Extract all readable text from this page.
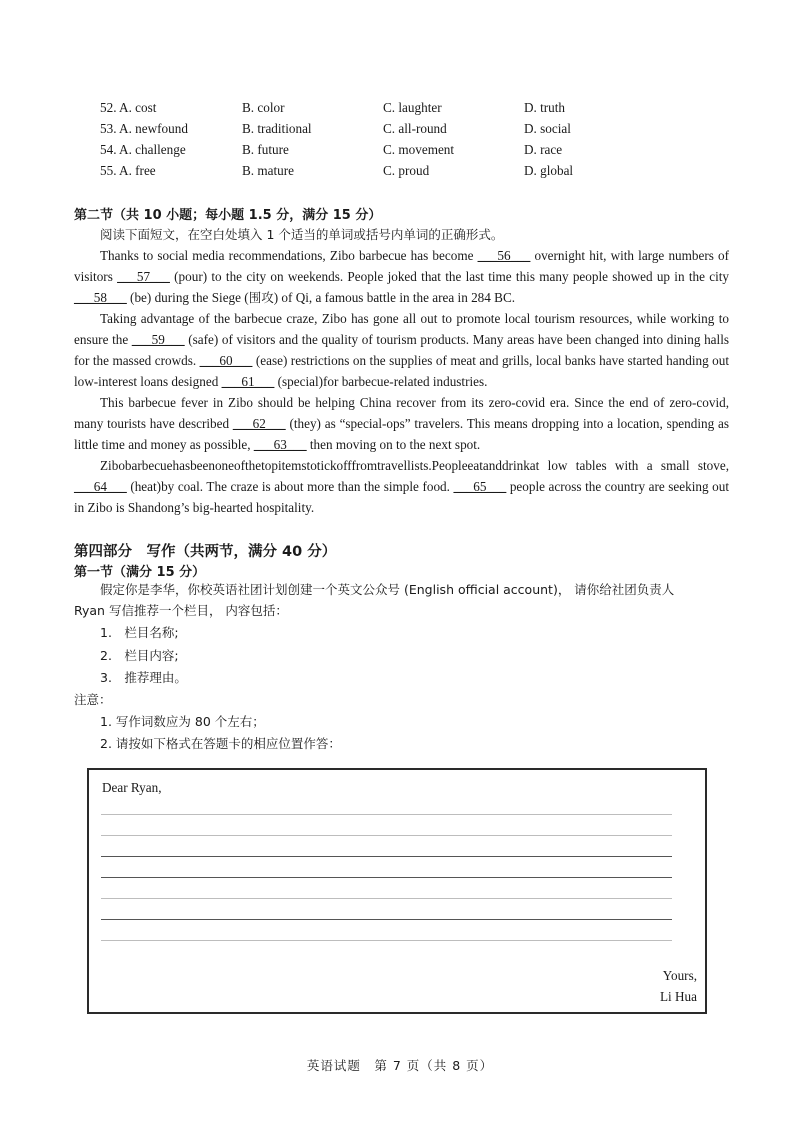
52. A. cost	B. color	C. laughter	D. truth
53. A. newfound	B. traditional	C. all-round	D. social
54. A. challenge	B. future	C. movement	D. race
55. A. free	B. mature	C. proud	D. global
第二节（共 10 小题；每小题 1.5 分，满分 15 分）
阅读下面短文，在空白处填入 1 个适当的单词或括号内单词的正确形式。
Thanks to social media recommendations, Zibo barbecue has become ___56___ overnight hit, with large numbers of visitors ___57___ (pour) to the city on weekends. People joked that the last time this many people showed up in the city ___58___ (be) during the Siege (围攻) of Qi, a famous battle in the area in 284 BC.
Taking advantage of the barbecue craze, Zibo has gone all out to promote local tourism resources, while working to ensure the ___59___ (safe) of visitors and the quality of tourism products. Many areas have been changed into dining halls for the massed crowds. ___60___ (ease) restrictions on the supplies of meat and grills, local banks have started handing out low-interest loans designed ___61___ (special)for barbecue-related industries.
This barbecue fever in Zibo should be helping China recover from its zero-covid era. Since the end of zero-covid, many tourists have described ___62___ (they) as “special-ops” travelers. This means dropping into a location, spending as little time and money as possible, ___63___ then moving on to the next spot.
Zibobarbecuehasbeenoneofthetopitemstotickofffromtravellists.Peopleeatanddrinkat low tables with a small stove, ___64___ (heat)by coal. The craze is about more than the simple food. ___65___ people across the country are seeking out in Zibo is Shandong’s big-hearted hospitality.
第四部分　写作（共两节，满分 40 分）
第一节（满分 15 分）
假定你是李华，你校英语社团计划创建一个英文公众号 (English official account)， 请你给社团负责人
Ryan 写信推荐一个栏目， 内容包括：
1.　栏目名称;
2.　栏目内容;
3.　推荐理由。
注意：
1. 写作词数应为 80 个左右；
2. 请按如下格式在答题卡的相应位置作答：
Dear Ryan,
Yours,
Li Hua
英语试题　第 7 页（共 8 页）
